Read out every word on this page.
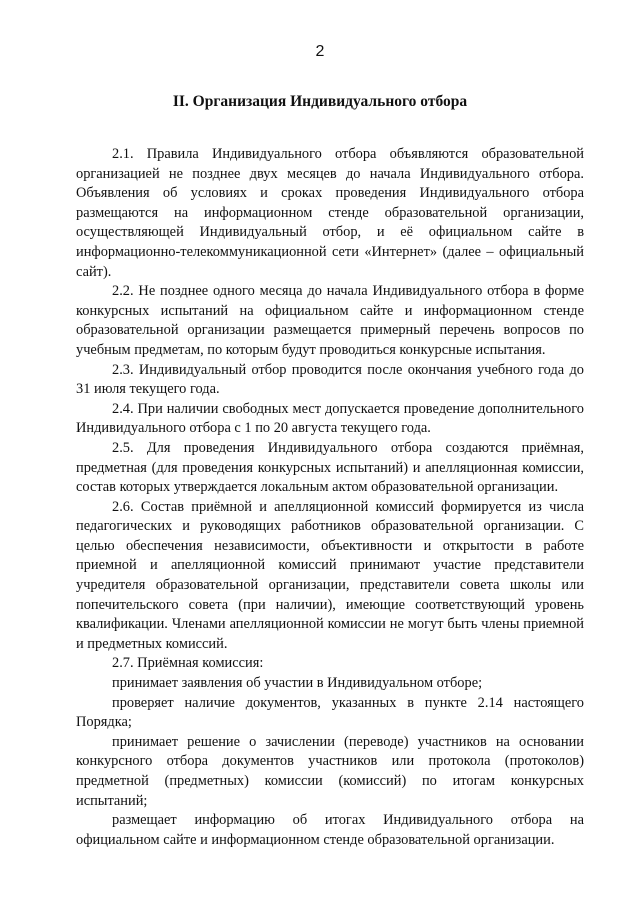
2
II. Организация Индивидуального отбора

2.1. Правила Индивидуального отбора объявляются образовательной организацией не позднее двух месяцев до начала Индивидуального отбора. Объявления об условиях и сроках проведения Индивидуального отбора размещаются на информационном стенде образовательной организации, осуществляющей Индивидуальный отбор, и её официальном сайте в информационно-телекоммуникационной сети «Интернет» (далее – официальный сайт).

2.2. Не позднее одного месяца до начала Индивидуального отбора в форме конкурсных испытаний на официальном сайте и информационном стенде образовательной организации размещается примерный перечень вопросов по учебным предметам, по которым будут проводиться конкурсные испытания.

2.3. Индивидуальный отбор проводится после окончания учебного года до 31 июля текущего года.

2.4. При наличии свободных мест допускается проведение дополнительного Индивидуального отбора с 1 по 20 августа текущего года.

2.5. Для проведения Индивидуального отбора создаются приёмная, предметная (для проведения конкурсных испытаний) и апелляционная комиссии, состав которых утверждается локальным актом образовательной организации.

2.6. Состав приёмной и апелляционной комиссий формируется из числа педагогических и руководящих работников образовательной организации. С целью обеспечения независимости, объективности и открытости в работе приемной и апелляционной комиссий принимают участие представители учредителя образовательной организации, представители совета школы или попечительского совета (при наличии), имеющие соответствующий уровень квалификации. Членами апелляционной комиссии не могут быть члены приемной и предметных комиссий.

2.7. Приёмная комиссия:

принимает заявления об участии в Индивидуальном отборе;

проверяет наличие документов, указанных в пункте 2.14 настоящего Порядка;

принимает решение о зачислении (переводе) участников на основании конкурсного отбора документов участников или протокола (протоколов) предметной (предметных) комиссии (комиссий) по итогам конкурсных испытаний;

размещает информацию об итогах Индивидуального отбора на официальном сайте и информационном стенде образовательной организации.
